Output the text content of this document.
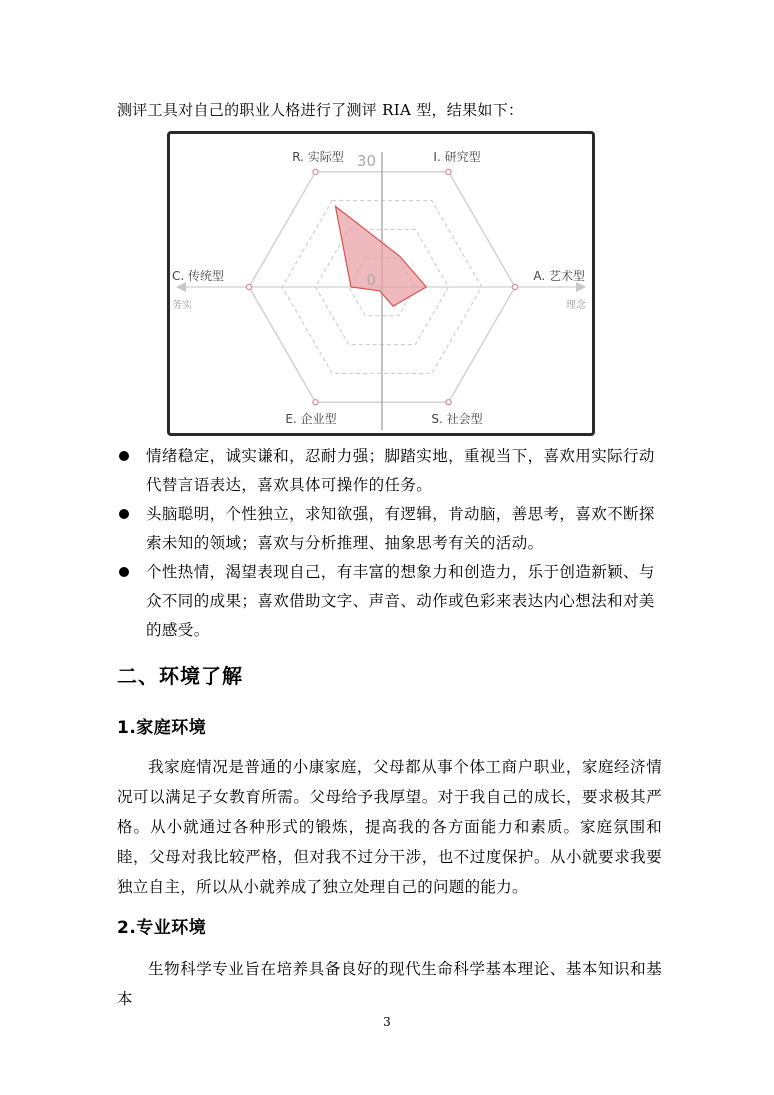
测评工具对自己的职业人格进行了测评 RIA 型，结果如下：
30
0
R. 实际型	I. 研究型
A. 艺术型
S. 社会型
E. 企业型
C. 传统型
务实	理念
情绪稳定，诚实谦和，忍耐力强；脚踏实地，重视当下，喜欢用实际行动代替言语表达，喜欢具体可操作的任务。
头脑聪明，个性独立，求知欲强，有逻辑，肯动脑，善思考，喜欢不断探索未知的领域；喜欢与分析推理、抽象思考有关的活动。
个性热情，渴望表现自己，有丰富的想象力和创造力，乐于创造新颖、与众不同的成果；喜欢借助文字、声音、动作或色彩来表达内心想法和对美的感受。
二、环境了解
1.家庭环境

我家庭情况是普通的小康家庭，父母都从事个体工商户职业，家庭经济情况可以满足子女教育所需。父母给予我厚望。对于我自己的成长，要求极其严格。从小就通过各种形式的锻炼，提高我的各方面能力和素质。家庭氛围和睦，父母对我比较严格，但对我不过分干涉，也不过度保护。从小就要求我要独立自主，所以从小就养成了独立处理自己的问题的能力。

2.专业环境

生物科学专业旨在培养具备良好的现代生命科学基本理论、基本知识和基本

3
